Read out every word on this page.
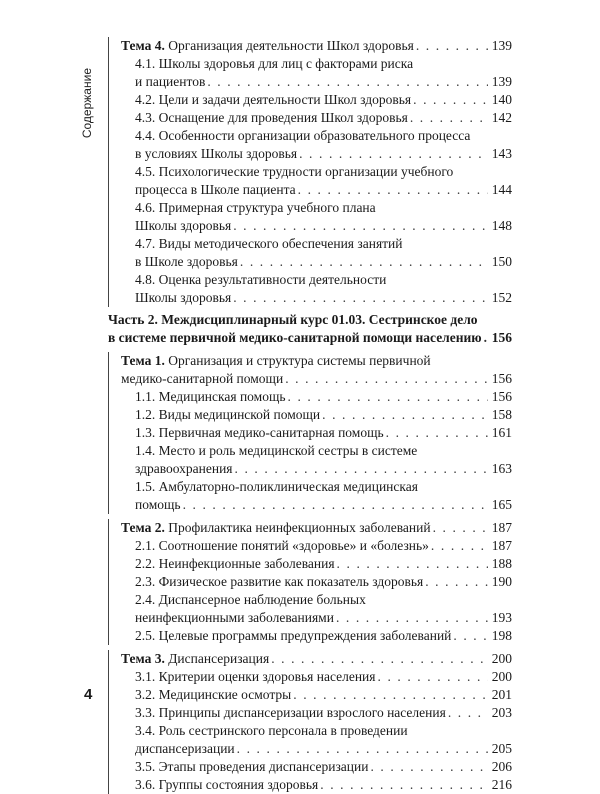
Содержание
Тема 4. Организация деятельности Школ здоровья . . .	139
4.1. Школы здоровья для лиц с факторами риска
и пациентов . . .	139
4.2. Цели и задачи деятельности Школ здоровья . . .	140
4.3. Оснащение для проведения Школ здоровья . . .	142
4.4. Особенности организации образовательного процесса
в условиях Школы здоровья . . .	143
4.5. Психологические трудности организации учебного
процесса в Школе пациента . . .	144
4.6. Примерная структура учебного плана
Школы здоровья . . .	148
4.7. Виды методического обеспечения занятий
в Школе здоровья . . .	150
4.8. Оценка результативности деятельности
Школы здоровья . . .	152
Часть 2. Междисциплинарный курс 01.03. Сестринское дело
в системе первичной медико-санитарной помощи населению . . . 156
Тема 1. Организация и структура системы первичной
медико-санитарной помощи . . .	156
1.1. Медицинская помощь . . .	156
1.2. Виды медицинской помощи . . .	158
1.3. Первичная медико-санитарная помощь . . .	161
1.4. Место и роль медицинской сестры в системе
здравоохранения . . .	163
1.5. Амбулаторно-поликлиническая медицинская
помощь . . .	165
Тема 2. Профилактика неинфекционных заболеваний . . .	187
2.1. Соотношение понятий «здоровье» и «болезнь» . . .	187
2.2. Неинфекционные заболевания . . .	188
2.3. Физическое развитие как показатель здоровья . . .	190
2.4. Диспансерное наблюдение больных
неинфекционными заболеваниями . . .	193
2.5. Целевые программы предупреждения заболеваний . . .	198
Тема 3. Диспансеризация . . .	200
3.1. Критерии оценки здоровья населения . . .	200
3.2. Медицинские осмотры . . .	201
3.3. Принципы диспансеризации взрослого населения . . .	203
3.4. Роль сестринского персонала в проведении
диспансеризации . . .	205
3.5. Этапы проведения диспансеризации . . .	206
3.6. Группы состояния здоровья . . .	216
4
